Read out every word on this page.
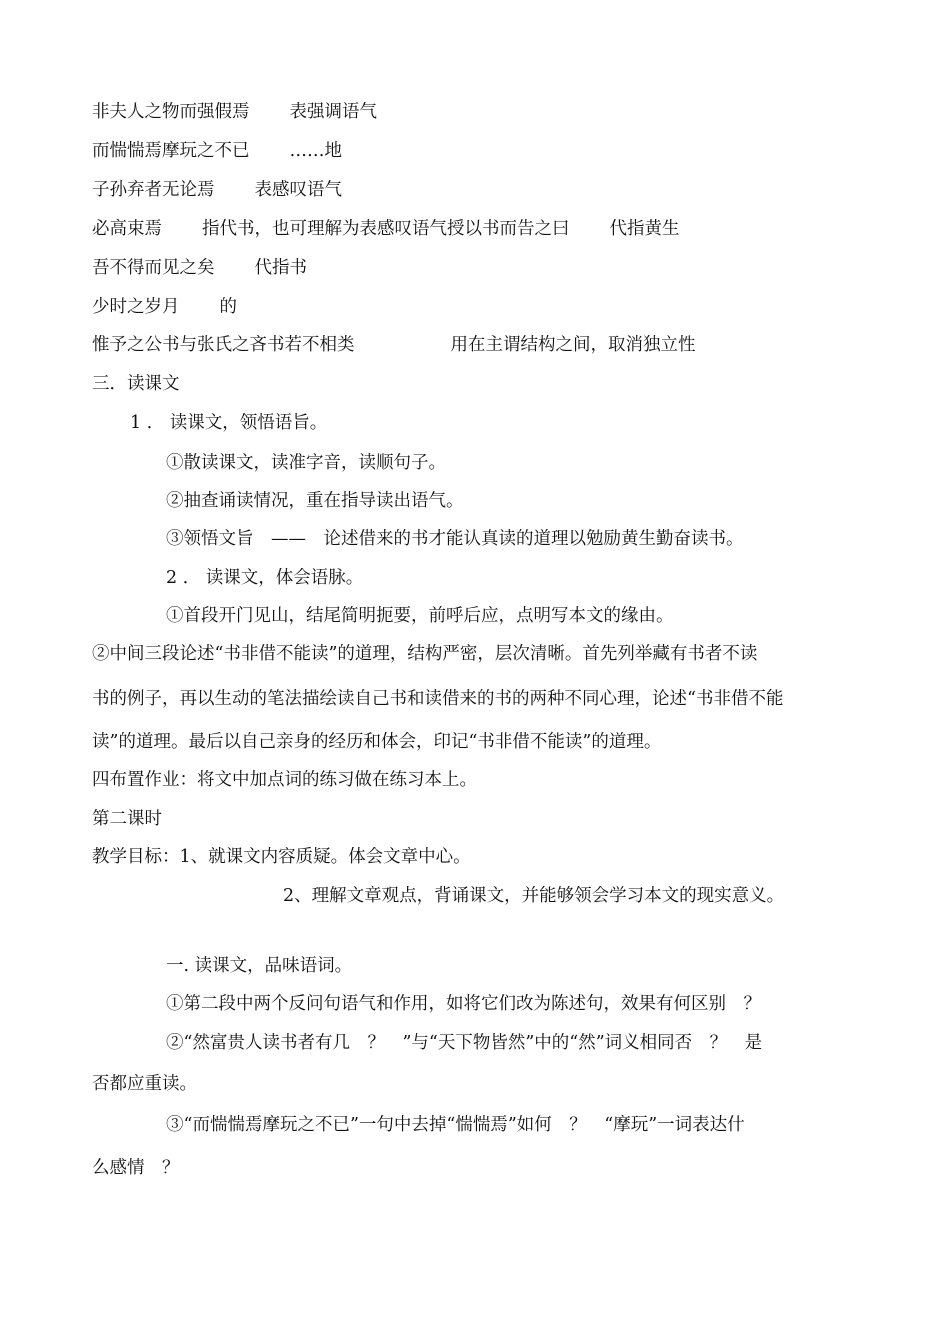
非夫人之物而强假焉 表强调语气
而惴惴焉摩玩之不已 ……地
子孙弃者无论焉 表感叹语气
必高束焉 指代书，也可理解为表感叹语气授以书而告之曰 代指黄生
吾不得而见之矣 代指书
少时之岁月 的
惟予之公书与张氏之吝书若不相类	用在主谓结构之间，取消独立性
三．读课文
1 ． 读课文，领悟语旨。
①散读课文，读准字音，读顺句子。
②抽查诵读情况，重在指导读出语气。
③领悟文旨　——　论述借来的书才能认真读的道理以勉励黄生勤奋读书。
2 ． 读课文，体会语脉。
①首段开门见山，结尾简明扼要，前呼后应，点明写本文的缘由。
②中间三段论述“书非借不能读”的道理，结构严密，层次清晰。首先列举藏有书者不读
书的例子，再以生动的笔法描绘读自己书和读借来的书的两种不同心理，论述“书非借不能
读”的道理。最后以自己亲身的经历和体会，印记“书非借不能读”的道理。
四布置作业：将文中加点词的练习做在练习本上。
第二课时
教学目标：1、就课文内容质疑。体会文章中心。
2、理解文章观点，背诵课文，并能够领会学习本文的现实意义。
一. 读课文，品味语词。
①第二段中两个反问句语气和作用，如将它们改为陈述句，效果有何区别　？
②“然富贵人读书者有几　？　”与“天下物皆然”中的“然”词义相同否　？　是
否都应重读。
③“而惴惴焉摩玩之不已”一句中去掉“惴惴焉”如何　？　“摩玩”一词表达什
么感情　？
